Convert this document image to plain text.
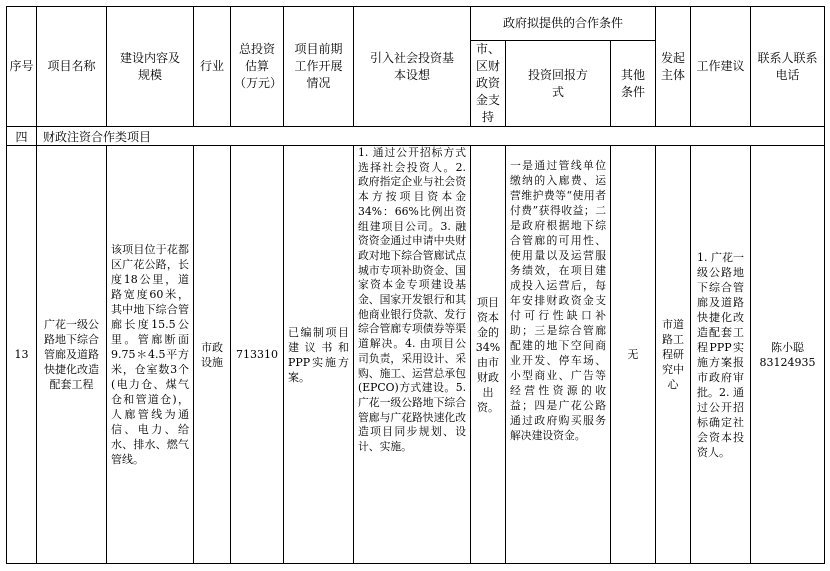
序号	项目名称	建设内容及规模	行业	总投资估算（万元）	项目前期工作开展情况	引入社会投资基本设想	政府拟提供的合作条件			发起主体	工作建议	联系人联系电话
							市、区财政资金支持	投资回报方式	其他条件			
四	财政注资合作类项目											
13	广花一级公路地下综合管廊及道路快捷化改造配套工程	该项目位于花都区广花公路，长度18公里，道路宽度60米，其中地下综合管廊长度15.5公里。管廊断面9.75＊4.5平方米，仓室数3个(电力仓、煤气仓和管道仓)，人廊管线为通信、电力、给水、排水、燃气管线。	市政设施	713310	已编制项目建议书和PPP实施方案。	1. 通过公开招标方式选择社会投资人。2. 政府指定企业与社会资本方按项目资本金34%：66%比例出资组建项目公司。3. 融资资金通过申请中央财政对地下综合管廊试点城市专项补助资金、国家资本金专项建设基金、国家开发银行和其他商业银行贷款、发行综合管廊专项债券等渠道解决。4. 由项目公司负责，采用设计、采购、施工、运营总承包(EPCO)方式建设。5. 广花一级公路地下综合管廊与广花路快速化改造项目同步规划、设计、实施。	项目资本金的34%由市财政出资。	一是通过管线单位缴纳的入廊费、运营维护费等“使用者付费”获得收益；二是政府根据地下综合管廊的可用性、使用量以及运营服务绩效，在项目建成投入运营后，每年安排财政资金支付可行性缺口补助；三是综合管廊配建的地下空间商业开发、停车场、小型商业、广告等经营性资源的收益；四是广花公路通过政府购买服务解决建设资金。	无	市道路工程研究中心	1. 广花一级公路地下综合管廊及道路快捷化改造配套工程PPP实施方案报市政府审批。2. 通过公开招标确定社会资本投资人。	陈小聪 83124935
